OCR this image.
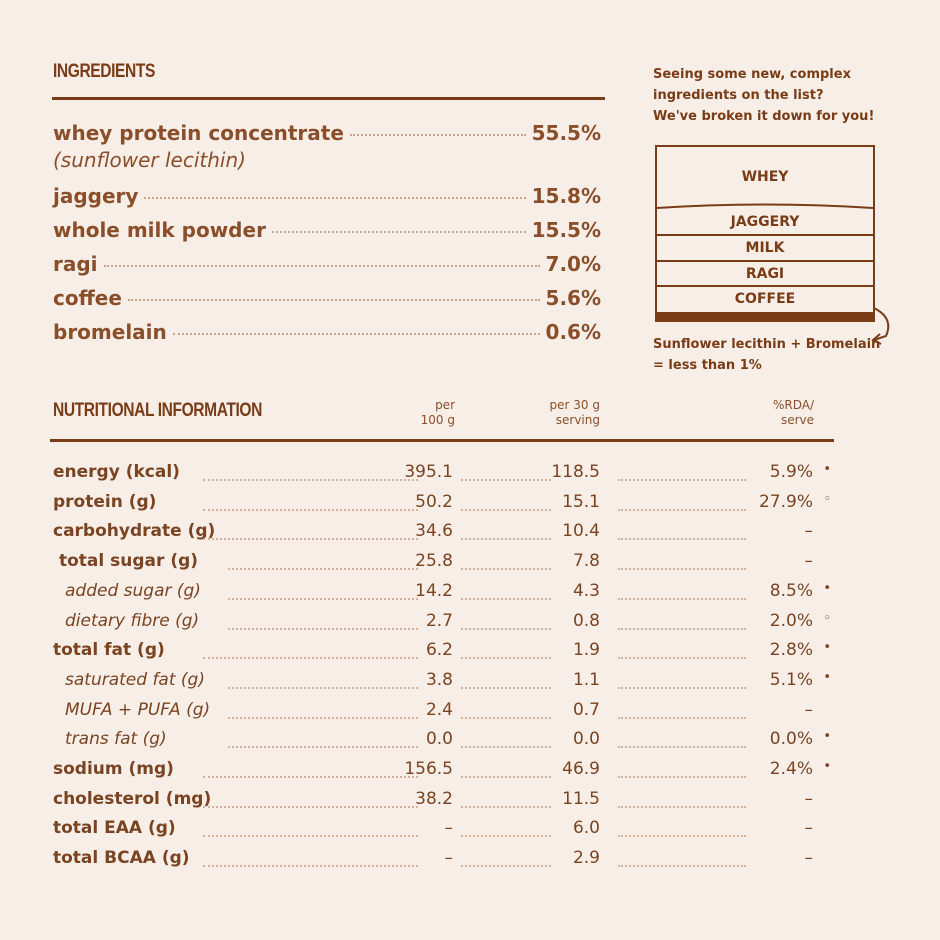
INGREDIENTS
whey protein concentrate	55.5%
(sunflower lecithin)
jaggery	15.8%
whole milk powder	15.5%
ragi	7.0%
coffee	5.6%
bromelain	0.6%
Seeing some new, complex
ingredients on the list?
We've broken it down for you!
WHEY
JAGGERY
MILK
RAGI
COFFEE
Sunflower lecithin + Bromelain
= less than 1%
NUTRITIONAL INFORMATION	per
100 g
per 30 g
serving
%RDA/
serve
energy (kcal)	395.1	118.5	5.9% •
protein (g)	50.2	15.1	27.9% ◦
carbohydrate (g)	34.6	10.4	–
total sugar (g)	25.8	7.8	–
added sugar (g)	14.2	4.3	8.5% •
dietary fibre (g)	2.7	0.8	2.0% ◦
total fat (g)	6.2	1.9	2.8% •
saturated fat (g)	3.8	1.1	5.1% •
MUFA + PUFA (g)	2.4	0.7	–
trans fat (g)	0.0	0.0	0.0% •
sodium (mg)	156.5	46.9	2.4% •
cholesterol (mg)	38.2	11.5	–
total EAA (g)	–	6.0	–
total BCAA (g)	–	2.9	–
